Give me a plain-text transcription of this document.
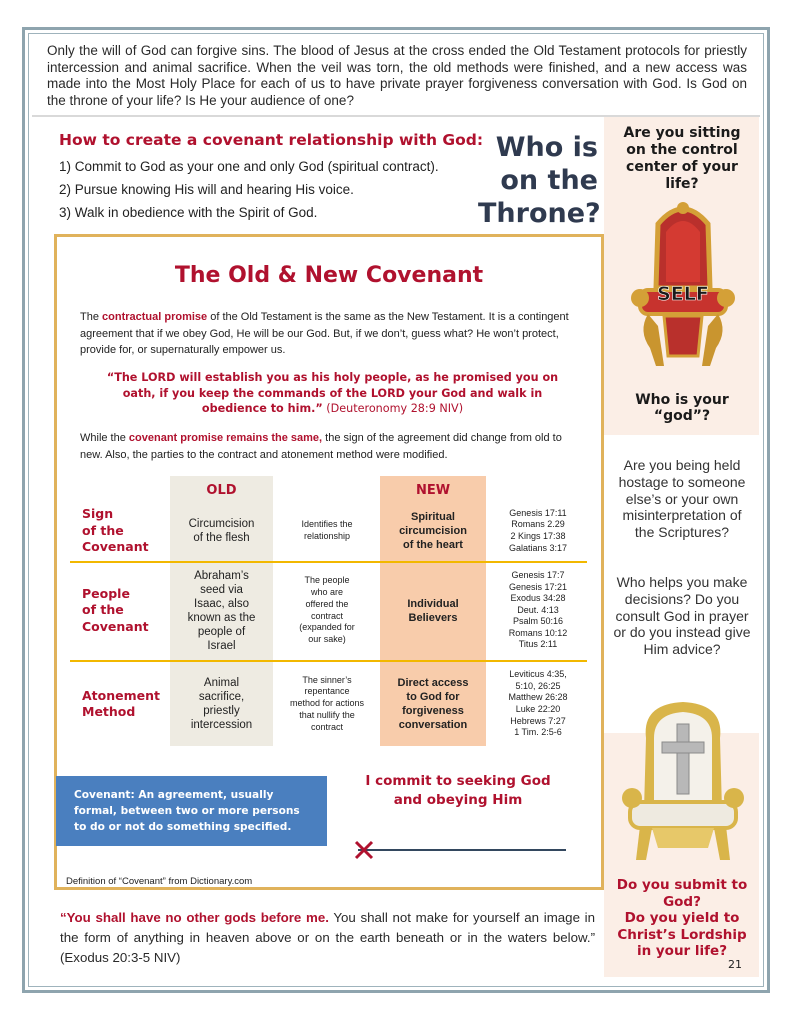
Only the will of God can forgive sins. The blood of Jesus at the cross ended the Old Testament protocols for priestly intercession and animal sacrifice. When the veil was torn, the old methods were finished, and a new access was made into the Most Holy Place for each of us to have private prayer forgiveness conversation with God. Is God on the throne of your life? Is He your audience of one?

Are you sitting on the control center of your life?
SELF
Who is your
“god”?
Are you being held hostage to someone else’s or your own misinterpretation of the Scriptures?
Who helps you make decisions? Do you consult God in prayer or do you instead give Him advice?
Do you submit to God?
Do you yield to Christ’s Lordship in your life?
21
How to create a covenant relationship with God:
1) Commit to God as your one and only God (spiritual contract).
2) Pursue knowing His will and hearing His voice.
3) Walk in obedience with the Spirit of God.
Who is
on the
Throne?
The Old & New Covenant

The contractual promise of the Old Testament is the same as the New Testament. It is a contingent agreement that if we obey God, He will be our God. But, if we don’t, guess what? He won’t protect, provide for, or supernaturally empower us.

“The LORD will establish you as his holy people, as he promised you on oath, if you keep the commands of the LORD your God and walk in obedience to him.” (Deuteronomy 28:9 NIV)

While the covenant promise remains the same, the sign of the agreement did change from old to new. Also, the parties to the contract and atonement method were modified.

OLD	NEW
Sign
of the
Covenant
Circumcision
of the flesh
Identifies the
relationship
Spiritual
circumcision
of the heart
Genesis 17:11
Romans 2.29
2 Kings 17:38
Galatians 3:17
People
of the
Covenant
Abraham’s
seed via
Isaac, also
known as the
people of
Israel
The people
who are
offered the
contract
(expanded for
our sake)
Individual
Believers
Genesis 17:7
Genesis 17:21
Exodus 34:28
Deut. 4:13
Psalm 50:16
Romans 10:12
Titus 2:11
Atonement
Method
Animal
sacrifice,
priestly
intercession
The sinner’s
repentance
method for actions
that nullify the
contract
Direct access
to God for
forgiveness
conversation
Leviticus 4:35,
5:10, 26:25
Matthew 26:28
Luke 22:20
Hebrews 7:27
1 Tim. 2:5-6
Covenant: An agreement, usually formal, between two or more persons to do or not do something specified.
I commit to seeking God
and obeying Him
Definition of “Covenant” from Dictionary.com

“You shall have no other gods before me. You shall not make for yourself an image in the form of anything in heaven above or on the earth beneath or in the waters below.” (Exodus 20:3-5 NIV)
